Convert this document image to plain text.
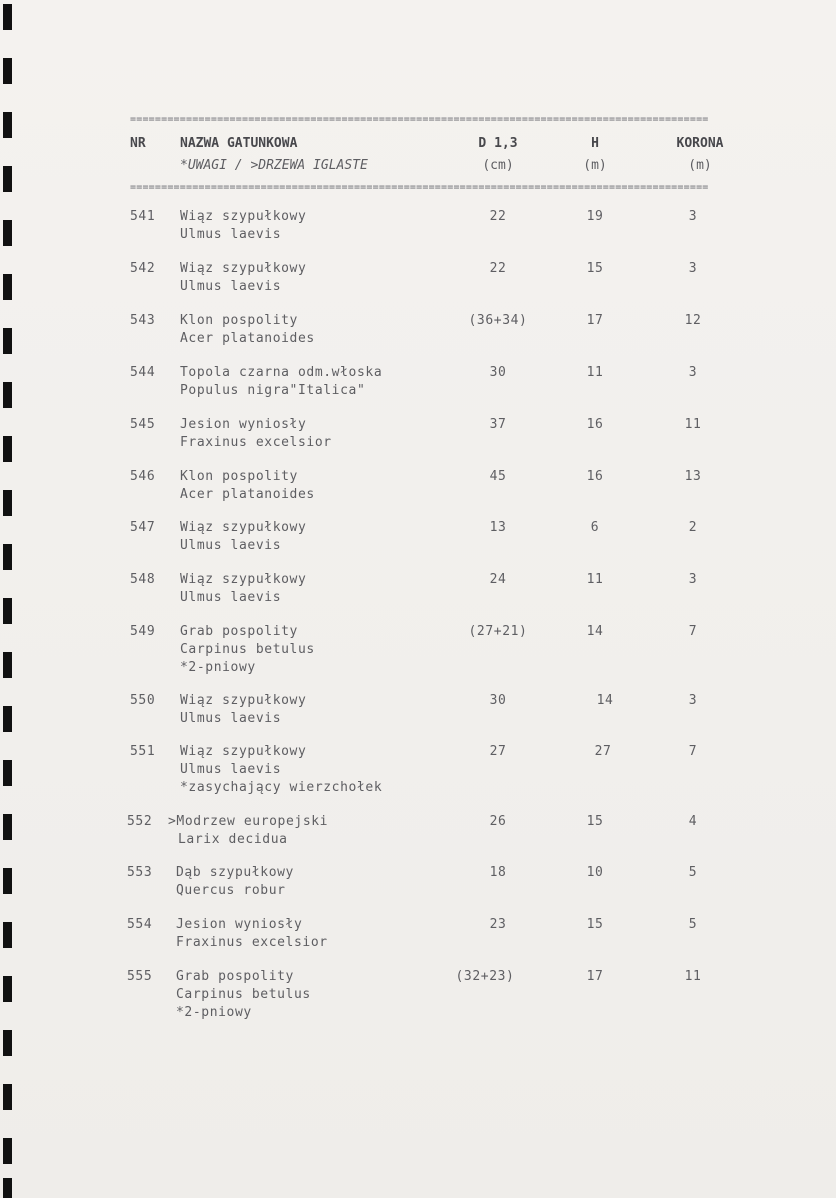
=============================================================================================
NR	NAZWA GATUNKOWA	D 1,3	H	KORONA
*UWAGI / >DRZEWA IGLASTE	(cm)	(m)	(m)
=============================================================================================
541 Wiąz szypułkowy
Ulmus laevis
22	19	3
542 Wiąz szypułkowy
Ulmus laevis
22	15	3
543 Klon pospolity
Acer platanoides
(36+34)	17	12
544 Topola czarna odm.włoska
Populus nigra"Italica"
30	11	3
545 Jesion wyniosły
Fraxinus excelsior
37	16	11
546 Klon pospolity
Acer platanoides
45	16	13
547 Wiąz szypułkowy
Ulmus laevis
13	6	2
548 Wiąz szypułkowy
Ulmus laevis
24	11	3
549 Grab pospolity
Carpinus betulus
*2-pniowy
(27+21)	14	7
550 Wiąz szypułkowy
Ulmus laevis
30	14	3
551 Wiąz szypułkowy
Ulmus laevis
*zasychający wierzchołek
27	27	7
552 >Modrzew europejski
Larix decidua
26	15	4
553 Dąb szypułkowy
Quercus robur
18	10	5
554 Jesion wyniosły
Fraxinus excelsior
23	15	5
555 Grab pospolity
Carpinus betulus
*2-pniowy
(32+23)	17	11
